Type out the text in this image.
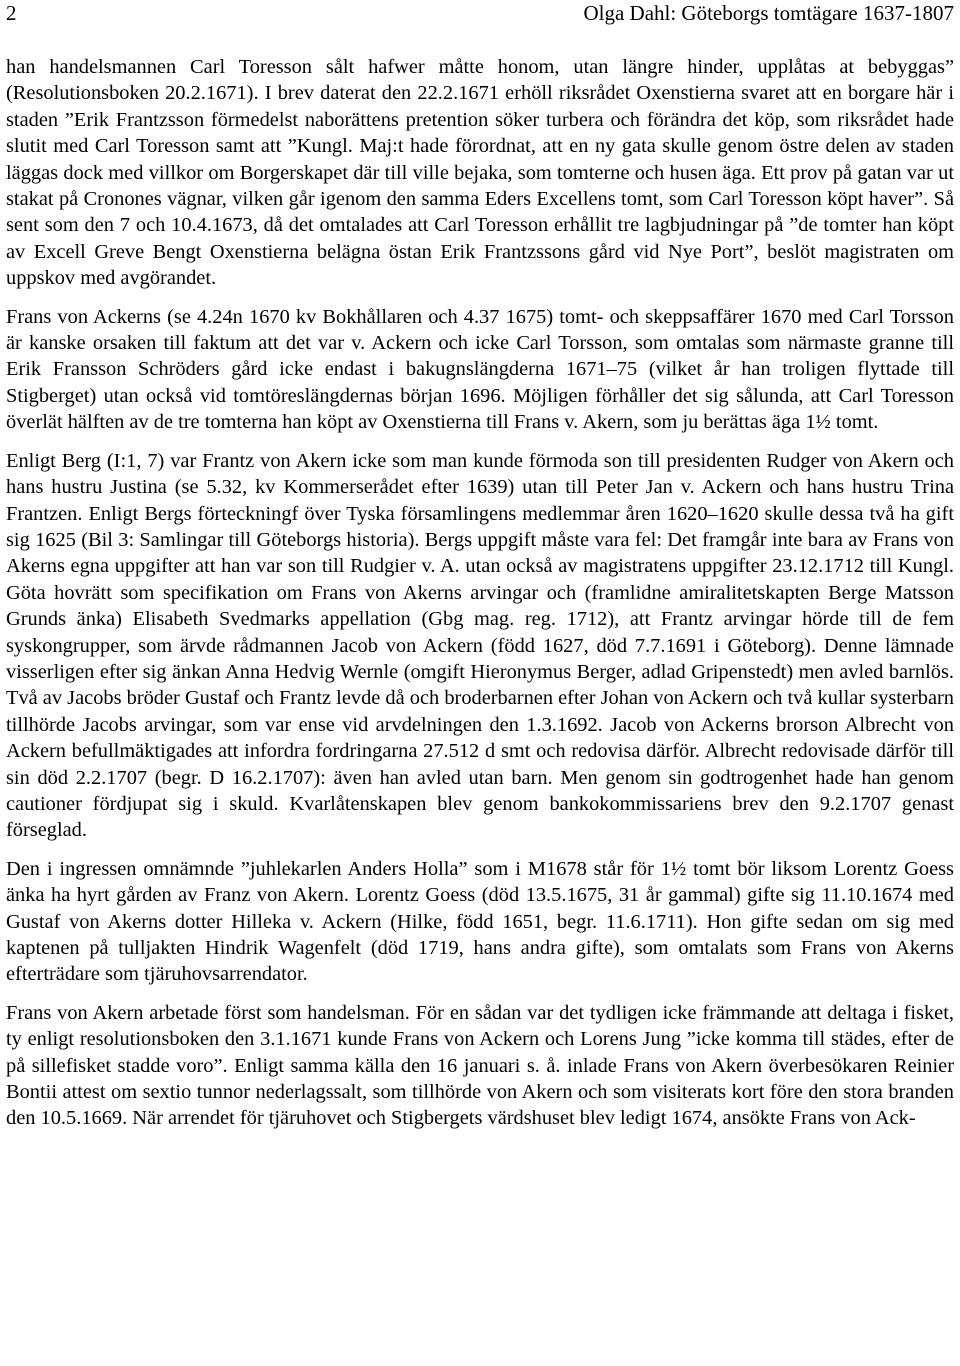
2	Olga Dahl: Göteborgs tomtägare 1637-1807

han handelsmannen Carl Toresson sålt hafwer måtte honom, utan längre hinder, upplåtas at bebyggas” (Resolutionsboken 20.2.1671). I brev daterat den 22.2.1671 erhöll riksrådet Oxenstierna svaret att en borgare här i staden ”Erik Frantzsson förmedelst naborättens pretention söker turbera och förändra det köp, som riksrådet hade slutit med Carl Toresson samt att ”Kungl. Maj:t hade förordnat, att en ny gata skulle genom östre delen av staden läggas dock med villkor om Borgerskapet där till ville bejaka, som tomterne och husen äga. Ett prov på gatan var ut stakat på Cronones vägnar, vilken går igenom den samma Eders Excellens tomt, som Carl Toresson köpt haver”. Så sent som den 7 och 10.4.1673, då det omtalades att Carl Toresson erhållit tre lagbjudningar på ”de tomter han köpt av Excell Greve Bengt Oxenstierna belägna östan Erik Frantzssons gård vid Nye Port”, beslöt magistraten om uppskov med avgörandet.

Frans von Ackerns (se 4.24n 1670 kv Bokhållaren och 4.37 1675) tomt- och skeppsaffärer 1670 med Carl Torsson är kanske orsaken till faktum att det var v. Ackern och icke Carl Torsson, som omtalas som närmaste granne till Erik Fransson Schröders gård icke endast i bakugnslängderna 1671–75 (vilket år han troligen flyttade till Stigberget) utan också vid tomtöreslängdernas början 1696. Möjligen förhåller det sig sålunda, att Carl Toresson överlät hälften av de tre tomterna han köpt av Oxenstierna till Frans v. Akern, som ju berättas äga 1½ tomt.

Enligt Berg (I:1, 7) var Frantz von Akern icke som man kunde förmoda son till presidenten Rudger von Akern och hans hustru Justina (se 5.32, kv Kommerserådet efter 1639) utan till Peter Jan v. Ackern och hans hustru Trina Frantzen. Enligt Bergs förteckningf över Tyska församlingens medlemmar åren 1620–1620 skulle dessa två ha gift sig 1625 (Bil 3: Samlingar till Göteborgs historia). Bergs uppgift måste vara fel: Det framgår inte bara av Frans von Akerns egna uppgifter att han var son till Rudgier v. A. utan också av magistratens uppgifter 23.12.1712 till Kungl. Göta hovrätt som specifikation om Frans von Akerns arvingar och (framlidne amiralitetskapten Berge Matsson Grunds änka) Elisabeth Svedmarks appellation (Gbg mag. reg. 1712), att Frantz arvingar hörde till de fem syskongrupper, som ärvde rådmannen Jacob von Ackern (född 1627, död 7.7.1691 i Göteborg). Denne lämnade visserligen efter sig änkan Anna Hedvig Wernle (omgift Hieronymus Berger, adlad Gripenstedt) men avled barnlös. Två av Jacobs bröder Gustaf och Frantz levde då och broderbarnen efter Johan von Ackern och två kullar systerbarn tillhörde Jacobs arvingar, som var ense vid arvdelningen den 1.3.1692. Jacob von Ackerns brorson Albrecht von Ackern befullmäktigades att infordra fordringarna 27.512 d smt och redovisa därför. Albrecht redovisade därför till sin död 2.2.1707 (begr. D 16.2.1707): även han avled utan barn. Men genom sin godtrogenhet hade han genom cautioner fördjupat sig i skuld. Kvarlåtenskapen blev genom bankokommissariens brev den 9.2.1707 genast förseglad.

Den i ingressen omnämnde ”juhlekarlen Anders Holla” som i M1678 står för 1½ tomt bör liksom Lorentz Goess änka ha hyrt gården av Franz von Akern. Lorentz Goess (död 13.5.1675, 31 år gammal) gifte sig 11.10.1674 med Gustaf von Akerns dotter Hilleka v. Ackern (Hilke, född 1651, begr. 11.6.1711). Hon gifte sedan om sig med kaptenen på tulljakten Hindrik Wagenfelt (död 1719, hans andra gifte), som omtalats som Frans von Akerns efterträdare som tjäruhovsarrendator.

Frans von Akern arbetade först som handelsman. För en sådan var det tydligen icke främmande att deltaga i fisket, ty enligt resolutionsboken den 3.1.1671 kunde Frans von Ackern och Lorens Jung ”icke komma till städes, efter de på sillefisket stadde voro”. Enligt samma källa den 16 januari s. å. inlade Frans von Akern överbesökaren Reinier Bontii attest om sextio tunnor nederlagssalt, som tillhörde von Akern och som visiterats kort före den stora branden den 10.5.1669. När arrendet för tjäruhovet och Stigbergets värdshuset blev ledigt 1674, ansökte Frans von Ack-
